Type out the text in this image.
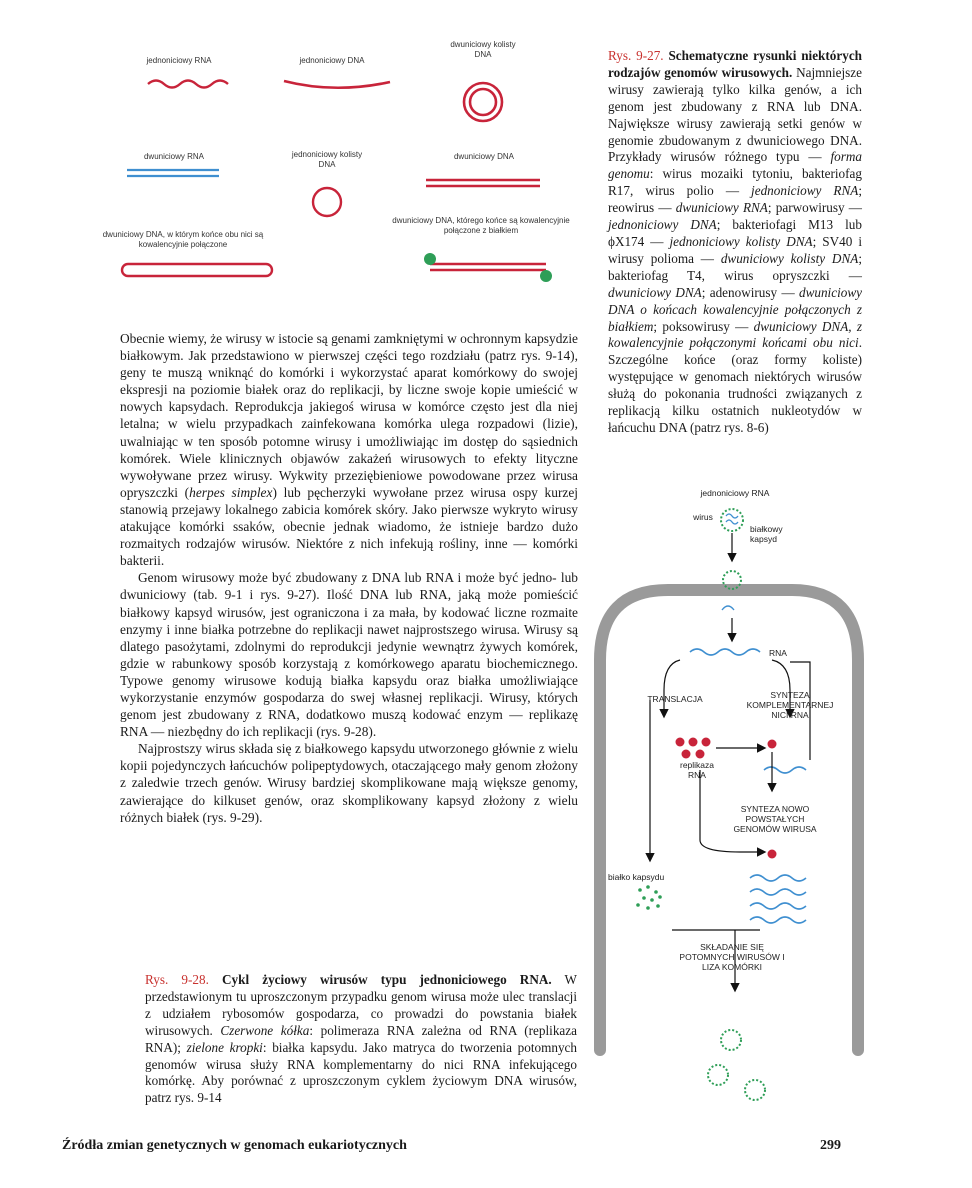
jednoniciowy RNA	jednoniciowy DNA
dwuniciowy kolisty DNA
dwuniciowy RNA	jednoniciowy kolisty DNA
dwuniciowy DNA
dwuniciowy DNA, w którym końce obu nici są kowalencyjnie połączone
dwuniciowy DNA, którego końce są kowalencyjnie połączone z białkiem
Rys. 9-27. Schematyczne rysunki niektórych rodzajów genomów wirusowych. Najmniejsze wirusy zawierają tylko kilka genów, a ich genom jest zbudowany z RNA lub DNA. Największe wirusy zawierają setki genów w genomie zbudowanym z dwuniciowego DNA. Przykłady wirusów różnego typu — forma genomu: wirus mozaiki tytoniu, bakteriofag R17, wirus polio — jednoniciowy RNA; reowirus — dwuniciowy RNA; parwowirusy — jednoniciowy DNA; bakteriofagi M13 lub ϕX174 — jednoniciowy kolisty DNA; SV40 i wirusy polioma — dwuniciowy kolisty DNA; bakteriofag T4, wirus opryszczki — dwuniciowy DNA; adenowirusy — dwuniciowy DNA o końcach kowalencyjnie połączonych z białkiem; poksowirusy — dwuniciowy DNA, z kowalencyjnie połączonymi końcami obu nici. Szczególne końce (oraz formy koliste) występujące w genomach niektórych wirusów służą do pokonania trudności związanych z replikacją kilku ostatnich nukleotydów w łańcuchu DNA (patrz rys. 8-6)

Obecnie wiemy, że wirusy w istocie są genami zamkniętymi w ochronnym kapsydzie białkowym. Jak przedstawiono w pierwszej części tego rozdziału (patrz rys. 9-14), geny te muszą wniknąć do komórki i wykorzystać aparat komórkowy do swojej ekspresji na poziomie białek oraz do replikacji, by liczne swoje kopie umieścić w nowych kapsydach. Reprodukcja jakiegoś wirusa w komórce często jest dla niej letalna; w wielu przypadkach zainfekowana komórka ulega rozpadowi (lizie), uwalniając w ten sposób potomne wirusy i umożliwiając im dostęp do sąsiednich komórek. Wiele klinicznych objawów zakażeń wirusowych to efekty lityczne wywoływane przez wirusy. Wykwity przeziębieniowe powodowane przez wirusa opryszczki (herpes simplex) lub pęcherzyki wywołane przez wirusa ospy kurzej stanowią przejawy lokalnego zabicia komórek skóry. Jako pierwsze wykryto wirusy atakujące komórki ssaków, obecnie jednak wiadomo, że istnieje bardzo dużo rozmaitych rodzajów wirusów. Niektóre z nich infekują rośliny, inne — komórki bakterii.

Genom wirusowy może być zbudowany z DNA lub RNA i może być jedno- lub dwuniciowy (tab. 9-1 i rys. 9-27). Ilość DNA lub RNA, jaką może pomieścić białkowy kapsyd wirusów, jest ograniczona i za mała, by kodować liczne rozmaite enzymy i inne białka potrzebne do replikacji nawet najprostszego wirusa. Wirusy są dlatego pasożytami, zdolnymi do reprodukcji jedynie wewnątrz żywych komórek, gdzie w rabunkowy sposób korzystają z komórkowego aparatu biochemicznego. Typowe genomy wirusowe kodują białka kapsydu oraz białka umożliwiające wykorzystanie enzymów gospodarza do swej własnej replikacji. Wirusy, których genom jest zbudowany z RNA, dodatkowo muszą kodować enzym — replikazę RNA — niezbędny do ich replikacji (rys. 9-28).

Najprostszy wirus składa się z białkowego kapsydu utworzonego głównie z wielu kopii pojedynczych łańcuchów polipeptydowych, otaczającego mały genom złożony z zaledwie trzech genów. Wirusy bardziej skomplikowane mają większe genomy, zawierające do kilkuset genów, oraz skomplikowany kapsyd złożony z wielu różnych białek (rys. 9-29).

jednoniciowy RNA
wirus
białkowy kapsyd
RNA
TRANSLACJA	SYNTEZA KOMPLEMENTARNEJ NICI RNA
replikaza RNA
SYNTEZA NOWO POWSTAŁYCH GENOMÓW WIRUSA
białko kapsydu
SKŁADANIE SIĘ POTOMNYCH WIRUSÓW I LIZA KOMÓRKI
Rys. 9-28. Cykl życiowy wirusów typu jednoniciowego RNA. W przedstawionym tu uproszczonym przypadku genom wirusa może ulec translacji z udziałem rybosomów gospodarza, co prowadzi do powstania białek wirusowych. Czerwone kółka: polimeraza RNA zależna od RNA (replikaza RNA); zielone kropki: białka kapsydu. Jako matryca do tworzenia potomnych genomów wirusa służy RNA komplementarny do nici RNA infekującego komórkę. Aby porównać z uproszczonym cyklem życiowym DNA wirusów, patrz rys. 9-14
Źródła zmian genetycznych w genomach eukariotycznych	299
